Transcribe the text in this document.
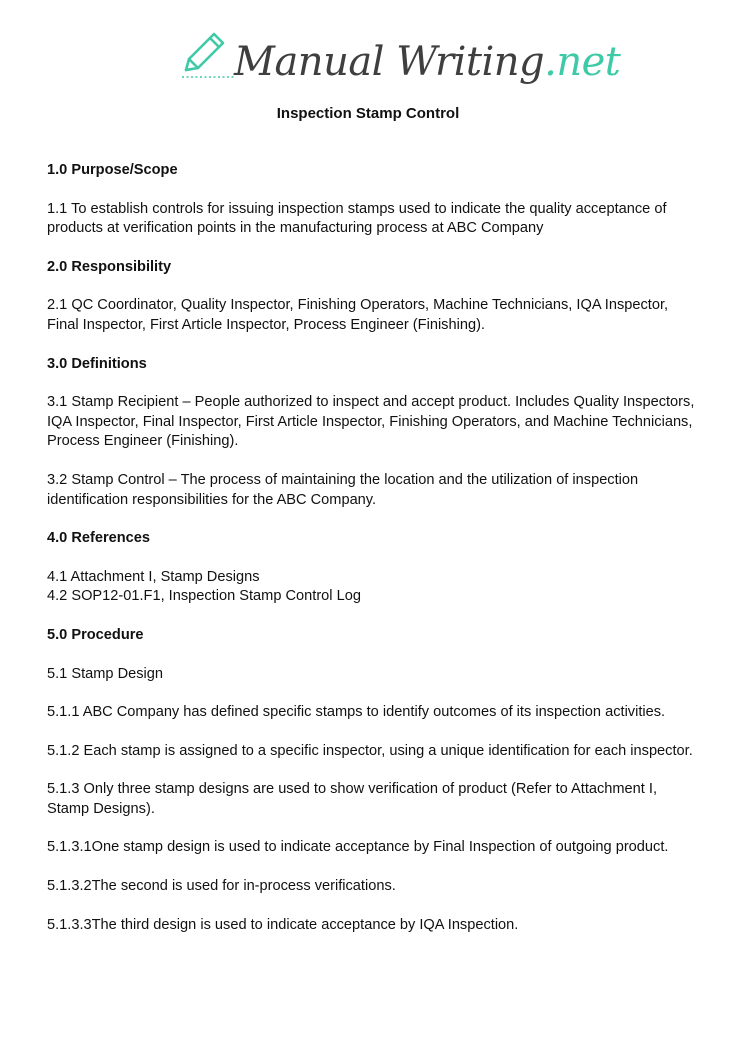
Manual Writing.net
Inspection Stamp Control
1.0 Purpose/Scope
1.1 To establish controls for issuing inspection stamps used to indicate the quality acceptance of products at verification points in the manufacturing process at ABC Company
2.0 Responsibility
2.1 QC Coordinator, Quality Inspector, Finishing Operators, Machine Technicians, IQA Inspector, Final Inspector, First Article Inspector, Process Engineer (Finishing).
3.0 Definitions
3.1 Stamp Recipient – People authorized to inspect and accept product. Includes Quality Inspectors, IQA Inspector, Final Inspector, First Article Inspector, Finishing Operators, and Machine Technicians, Process Engineer (Finishing).
3.2 Stamp Control – The process of maintaining the location and the utilization of inspection identification responsibilities for the ABC Company.
4.0 References
4.1 Attachment I, Stamp Designs
4.2 SOP12-01.F1, Inspection Stamp Control Log
5.0 Procedure
5.1 Stamp Design
5.1.1 ABC Company has defined specific stamps to identify outcomes of its inspection activities.
5.1.2 Each stamp is assigned to a specific inspector, using a unique identification for each inspector.
5.1.3 Only three stamp designs are used to show verification of product (Refer to Attachment I, Stamp Designs).
5.1.3.1One stamp design is used to indicate acceptance by Final Inspection of outgoing product.
5.1.3.2The second is used for in-process verifications.
5.1.3.3The third design is used to indicate acceptance by IQA Inspection.
